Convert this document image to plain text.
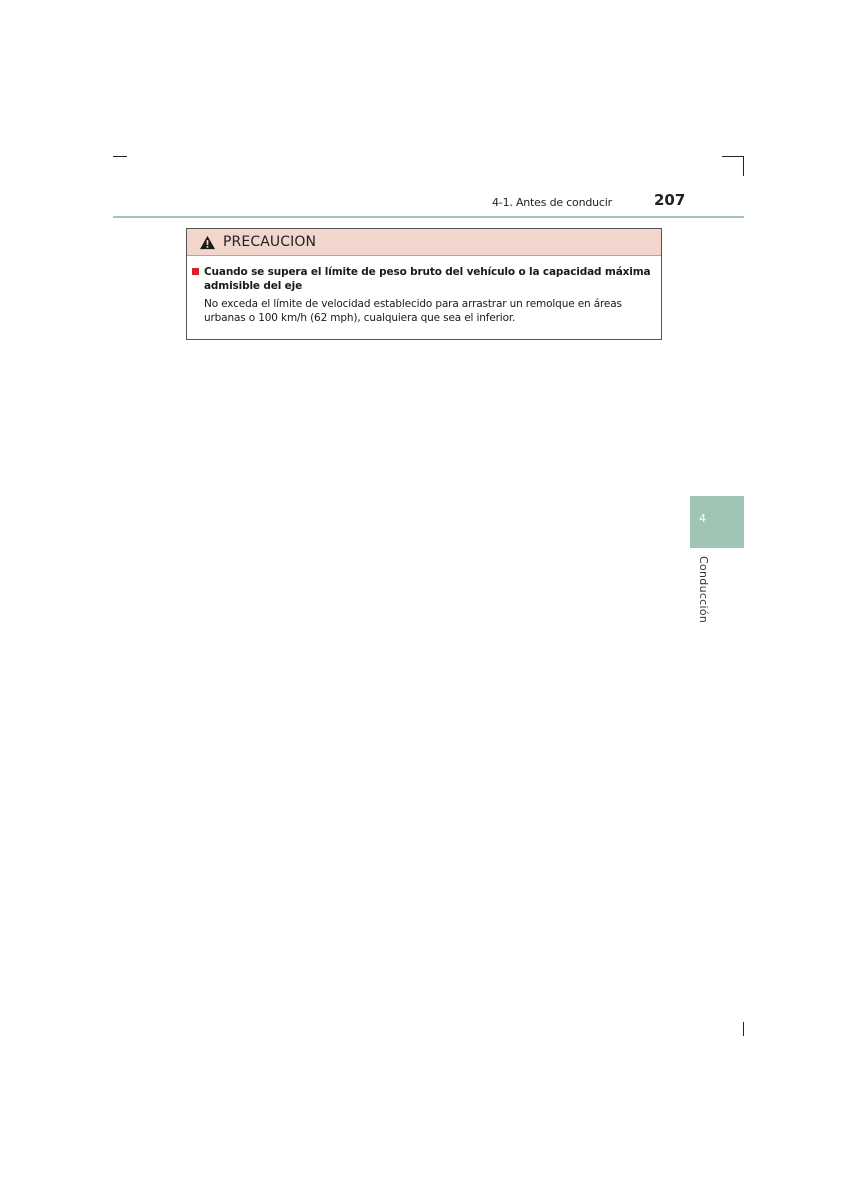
4-1. Antes de conducir	207
PRECAUCION
Cuando se supera el límite de peso bruto del vehículo o la capacidad máxima admisible del eje
No exceda el límite de velocidad establecido para arrastrar un remolque en áreas urbanas o 100 km/h (62 mph), cualquiera que sea el inferior.
4
Conducción
